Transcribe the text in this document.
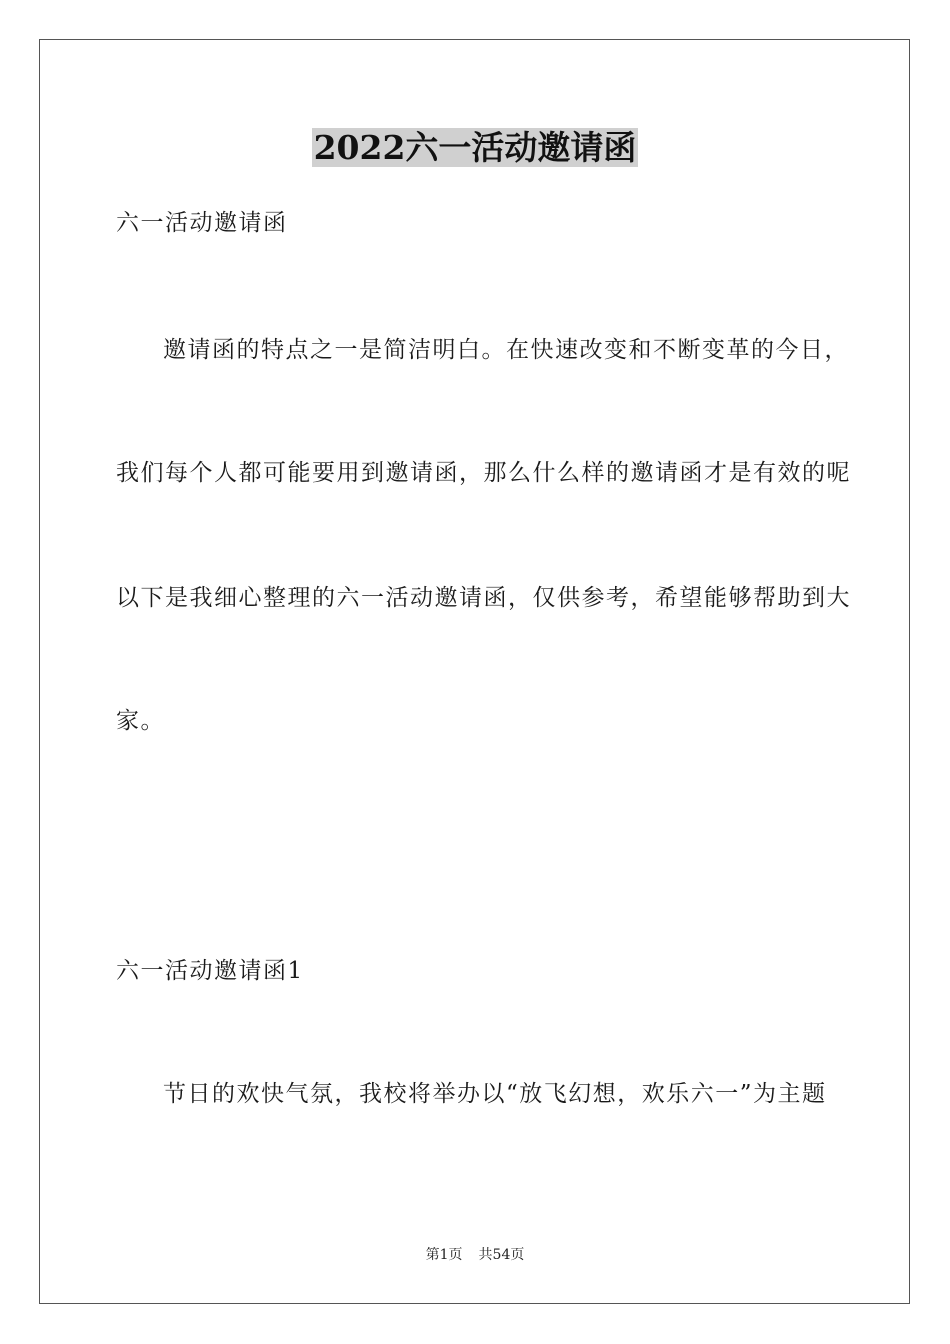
2022六一活动邀请函
六一活动邀请函
邀请函的特点之一是简洁明白。在快速改变和不断变革的今日，
我们每个人都可能要用到邀请函，那么什么样的邀请函才是有效的呢
以下是我细心整理的六一活动邀请函，仅供参考，希望能够帮助到大
家。
六一活动邀请函1
节日的欢快气氛，我校将举办以“放飞幻想，欢乐六一”为主题
第1页 共54页
